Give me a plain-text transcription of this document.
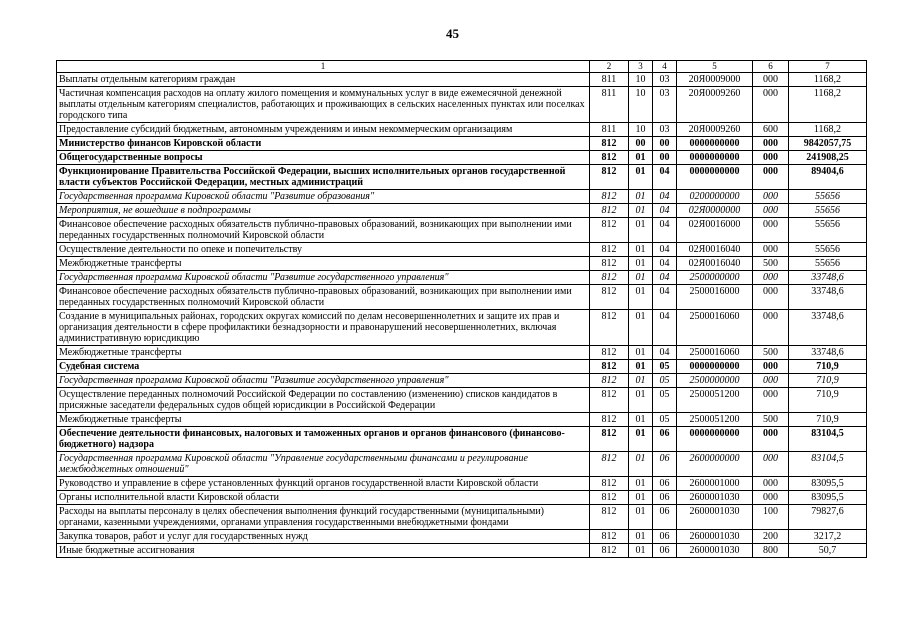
45
1	2	3	4	5	6	7
Выплаты отдельным категориям граждан	811	10	03	20Я0009000	000	1168,2
Частичная компенсация расходов на оплату жилого помещения и коммунальных услуг в виде ежемесячной денежной выплаты отдельным категориям специалистов, работающих и проживающих в сельских населенных пунктах или поселках городского типа	811	10	03	20Я0009260	000	1168,2
Предоставление субсидий бюджетным, автономным учреждениям и иным некоммерческим организациям	811	10	03	20Я0009260	600	1168,2
Министерство финансов Кировской области	812	00	00	0000000000	000	9842057,75
Общегосударственные вопросы	812	01	00	0000000000	000	241908,25
Функционирование Правительства Российской Федерации, высших исполнительных органов государственной власти субъектов Российской Федерации, местных администраций	812	01	04	0000000000	000	89404,6
Государственная программа Кировской области "Развитие образования"	812	01	04	0200000000	000	55656
Мероприятия, не вошедшие в подпрограммы	812	01	04	02Я0000000	000	55656
Финансовое обеспечение расходных обязательств публично-правовых образований, возникающих при выполнении ими переданных государственных полномочий Кировской области	812	01	04	02Я0016000	000	55656
Осуществление деятельности по опеке и попечительству	812	01	04	02Я0016040	000	55656
Межбюджетные трансферты	812	01	04	02Я0016040	500	55656
Государственная программа Кировской области "Развитие государственного управления"	812	01	04	2500000000	000	33748,6
Финансовое обеспечение расходных обязательств публично-правовых образований, возникающих при выполнении ими переданных государственных полномочий Кировской области	812	01	04	2500016000	000	33748,6
Создание в муниципальных районах, городских округах комиссий по делам несовершеннолетних и защите их прав и организация деятельности в сфере профилактики безнадзорности и правонарушений несовершеннолетних, включая административную юрисдикцию	812	01	04	2500016060	000	33748,6
Межбюджетные трансферты	812	01	04	2500016060	500	33748,6
Судебная система	812	01	05	0000000000	000	710,9
Государственная программа Кировской области "Развитие государственного управления"	812	01	05	2500000000	000	710,9
Осуществление переданных полномочий Российской Федерации по составлению (изменению) списков кандидатов в присяжные заседатели федеральных судов общей юрисдикции в Российской Федерации	812	01	05	2500051200	000	710,9
Межбюджетные трансферты	812	01	05	2500051200	500	710,9
Обеспечение деятельности финансовых, налоговых и таможенных органов и органов финансового (финансово-бюджетного) надзора	812	01	06	0000000000	000	83104,5
Государственная программа Кировской области "Управление государственными финансами и регулирование межбюджетных отношений"	812	01	06	2600000000	000	83104,5
Руководство и управление в сфере установленных функций органов государственной власти Кировской области	812	01	06	2600001000	000	83095,5
Органы исполнительной власти Кировской области	812	01	06	2600001030	000	83095,5
Расходы на выплаты персоналу в целях обеспечения выполнения функций государственными (муниципальными) органами, казенными учреждениями, органами управления государственными внебюджетными фондами	812	01	06	2600001030	100	79827,6
Закупка товаров, работ и услуг для государственных нужд	812	01	06	2600001030	200	3217,2
Иные бюджетные ассигнования	812	01	06	2600001030	800	50,7
